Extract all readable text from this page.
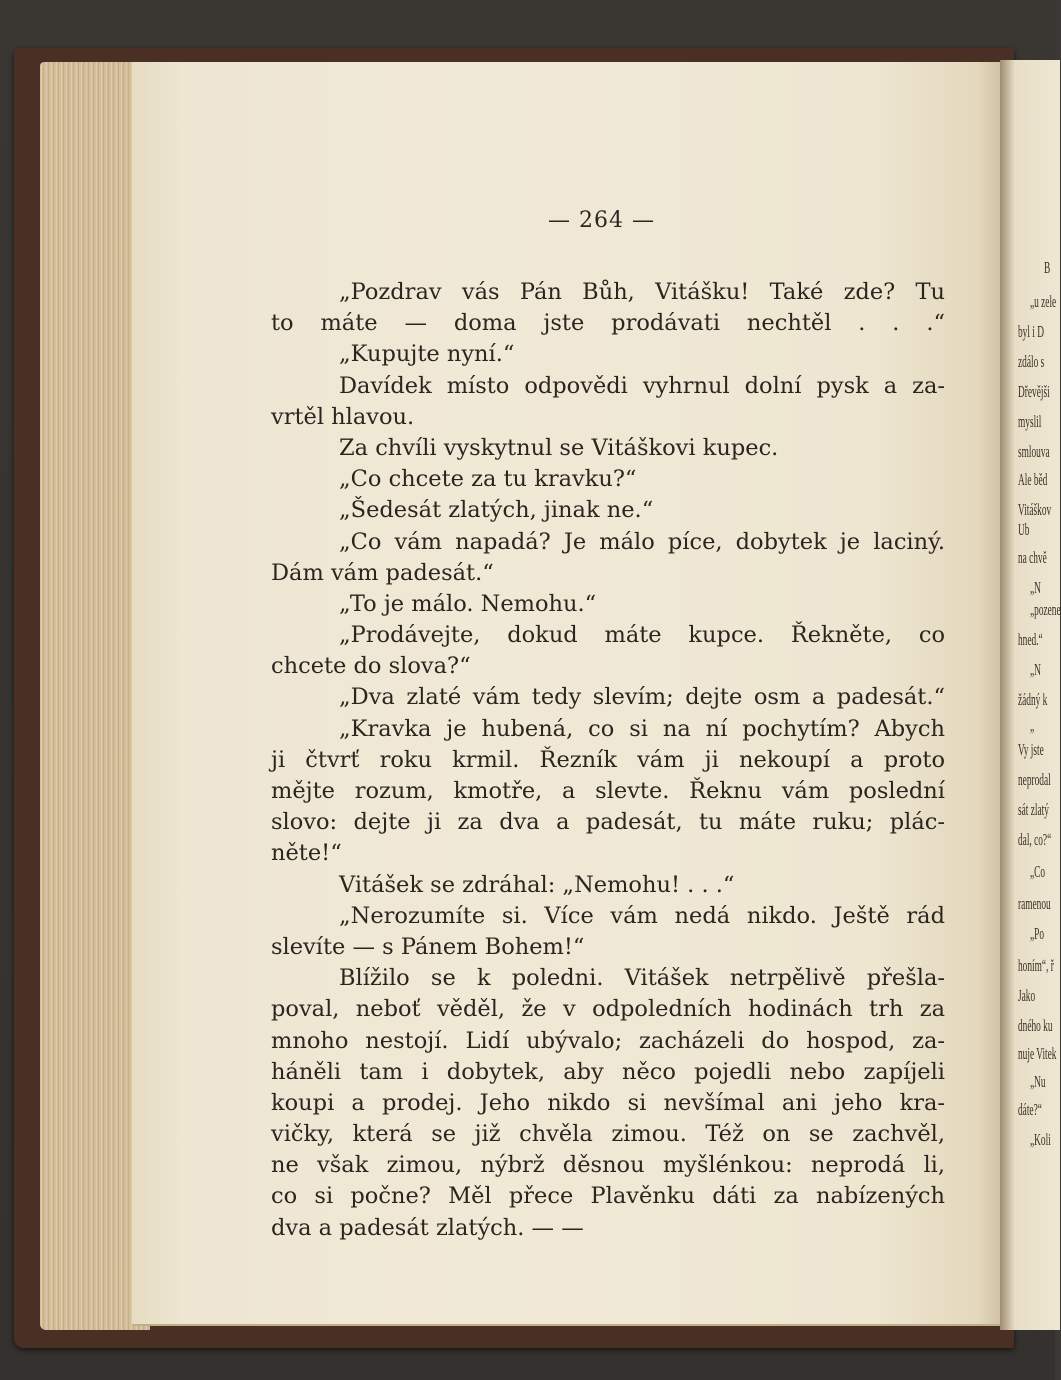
B
„u zele
byl i D
zdálo s
Dřevějši
myslil
smlouva
Ale běd
Vitáškov
Ub
na chvě
„N
„pozene
hned.“
„N
žádný k
„
Vy jste
neprodal
sát zlatý
dal, co?“
„Co
ramenou
„Po
honím“, ř
Jako
dného ku
nuje Vitek
„Nu
dáte?“
„Koli
— 264 —
„Pozdrav vás Pán Bůh, Vitášku! Také zde? Tu
to máte — doma jste prodávati nechtěl . . .“
„Kupujte nyní.“
Davídek místo odpovědi vyhrnul dolní pysk a za-
vrtěl hlavou.
Za chvíli vyskytnul se Vitáškovi kupec.
„Co chcete za tu kravku?“
„Šedesát zlatých, jinak ne.“
„Co vám napadá? Je málo píce, dobytek je laciný.
Dám vám padesát.“
„To je málo. Nemohu.“
„Prodávejte, dokud máte kupce. Řekněte, co
chcete do slova?“
„Dva zlaté vám tedy slevím; dejte osm a padesát.“
„Kravka je hubená, co si na ní pochytím? Abych
ji čtvrť roku krmil. Řezník vám ji nekoupí a proto
mějte rozum, kmotře, a slevte. Řeknu vám poslední
slovo: dejte ji za dva a padesát, tu máte ruku; plác-
něte!“
Vitášek se zdráhal: „Nemohu! . . .“
„Nerozumíte si. Více vám nedá nikdo. Ještě rád
slevíte — s Pánem Bohem!“
Blížilo se k poledni. Vitášek netrpělivě přešla-
poval, neboť věděl, že v odpoledních hodinách trh za
mnoho nestojí. Lidí ubývalo; zacházeli do hospod, za-
háněli tam i dobytek, aby něco pojedli nebo zapíjeli
koupi a prodej. Jeho nikdo si nevšímal ani jeho kra-
vičky, která se již chvěla zimou. Též on se zachvěl,
ne však zimou, nýbrž děsnou myšlénkou: neprodá li,
co si počne? Měl přece Plavěnku dáti za nabízených
dva a padesát zlatých. — —
